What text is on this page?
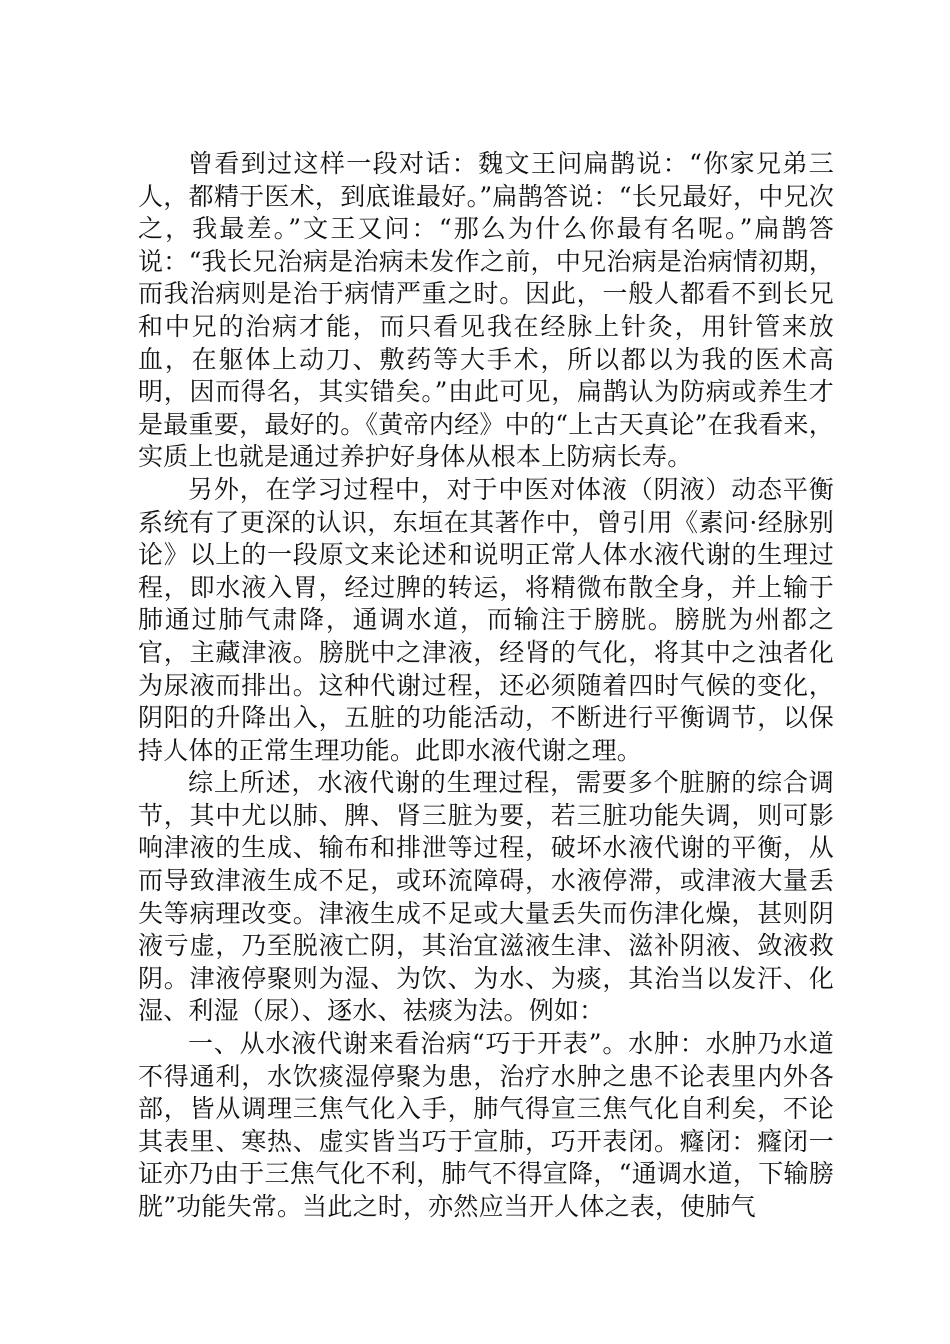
曾看到过这样一段对话：魏文王问扁鹊说：“你家兄弟三人，都精于医术，到底谁最好。”扁鹊答说：“长兄最好，中兄次之，我最差。”文王又问：“那么为什么你最有名呢。”扁鹊答说：“我长兄治病是治病未发作之前，中兄治病是治病情初期，而我治病则是治于病情严重之时。因此，一般人都看不到长兄和中兄的治病才能，而只看见我在经脉上针灸，用针管来放血，在躯体上动刀、敷药等大手术，所以都以为我的医术高明，因而得名，其实错矣。”由此可见，扁鹊认为防病或养生才是最重要，最好的。《黄帝内经》中的“上古天真论”在我看来，实质上也就是通过养护好身体从根本上防病长寿。

另外，在学习过程中，对于中医对体液（阴液）动态平衡系统有了更深的认识，东垣在其著作中，曾引用《素问·经脉别论》以上的一段原文来论述和说明正常人体水液代谢的生理过程，即水液入胃，经过脾的转运，将精微布散全身，并上输于肺通过肺气肃降，通调水道，而输注于膀胱。膀胱为州都之官，主藏津液。膀胱中之津液，经肾的气化，将其中之浊者化为尿液而排出。这种代谢过程，还必须随着四时气候的变化，阴阳的升降出入，五脏的功能活动，不断进行平衡调节，以保持人体的正常生理功能。此即水液代谢之理。

综上所述，水液代谢的生理过程，需要多个脏腑的综合调节，其中尤以肺、脾、肾三脏为要，若三脏功能失调，则可影响津液的生成、输布和排泄等过程，破坏水液代谢的平衡，从而导致津液生成不足，或环流障碍，水液停滞，或津液大量丢失等病理改变。津液生成不足或大量丢失而伤津化燥，甚则阴液亏虚，乃至脱液亡阴，其治宜滋液生津、滋补阴液、敛液救阴。津液停聚则为湿、为饮、为水、为痰，其治当以发汗、化湿、利湿（尿）、逐水、祛痰为法。例如：

一、从水液代谢来看治病“巧于开表”。水肿：水肿乃水道不得通利，水饮痰湿停聚为患，治疗水肿之患不论表里内外各部，皆从调理三焦气化入手，肺气得宣三焦气化自利矣，不论其表里、寒热、虚实皆当巧于宣肺，巧开表闭。癃闭：癃闭一证亦乃由于三焦气化不利，肺气不得宣降，“通调水道，下输膀胱”功能失常。当此之时，亦然应当开人体之表，使肺气
